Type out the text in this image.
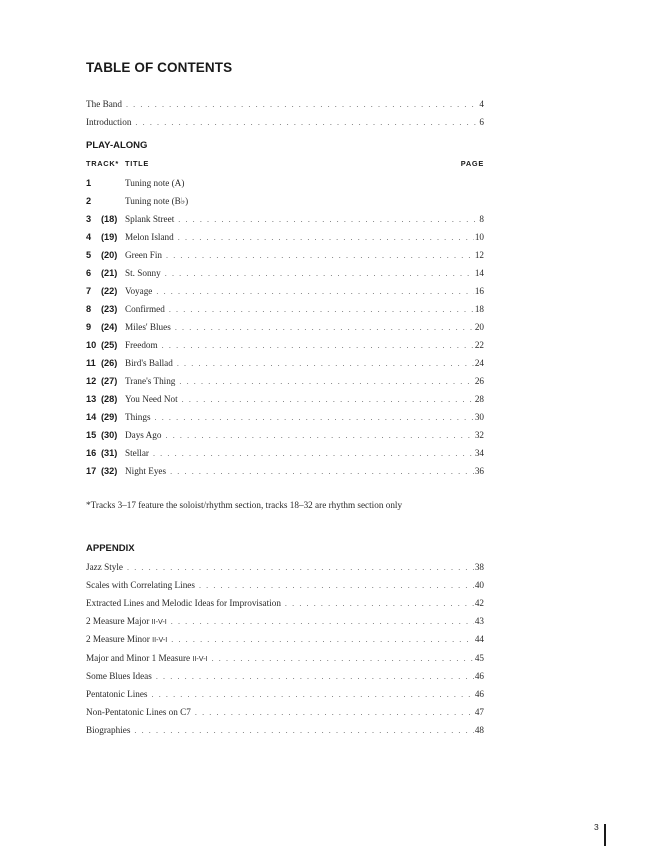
TABLE OF CONTENTS
The Band . . .	4
Introduction . . .	6
PLAY-ALONG
TRACK* TITLE	PAGE
1	Tuning note (A)
2	Tuning note (B♭)
3	(18) Splank Street . . .	8
4	(19) Melon Island . . .	10
5	(20) Green Fin . . .	12
6	(21) St. Sonny . . .	14
7	(22) Voyage . . .	16
8	(23) Confirmed . . .	18
9	(24) Miles' Blues . . .	20
10 (25) Freedom . . .	22
11 (26) Bird's Ballad . . .	24
12 (27) Trane's Thing . . .	26
13 (28) You Need Not . . .	28
14 (29) Things . . .	30
15 (30) Days Ago . . .	32
16 (31) Stellar . . .	34
17 (32) Night Eyes . . .	36
*Tracks 3–17 feature the soloist/rhythm section, tracks 18–32 are rhythm section only
APPENDIX
Jazz Style . . .	38
Scales with Correlating Lines . . .	40
Extracted Lines and Melodic Ideas for Improvisation . . .	42
2 Measure Major II-V-I . . .	43
2 Measure Minor II-V-I . . .	44
Major and Minor 1 Measure II-V-I . . .	45
Some Blues Ideas . . .	46
Pentatonic Lines . . .	46
Non-Pentatonic Lines on C7 . . .	47
Biographies . . .	48
3
